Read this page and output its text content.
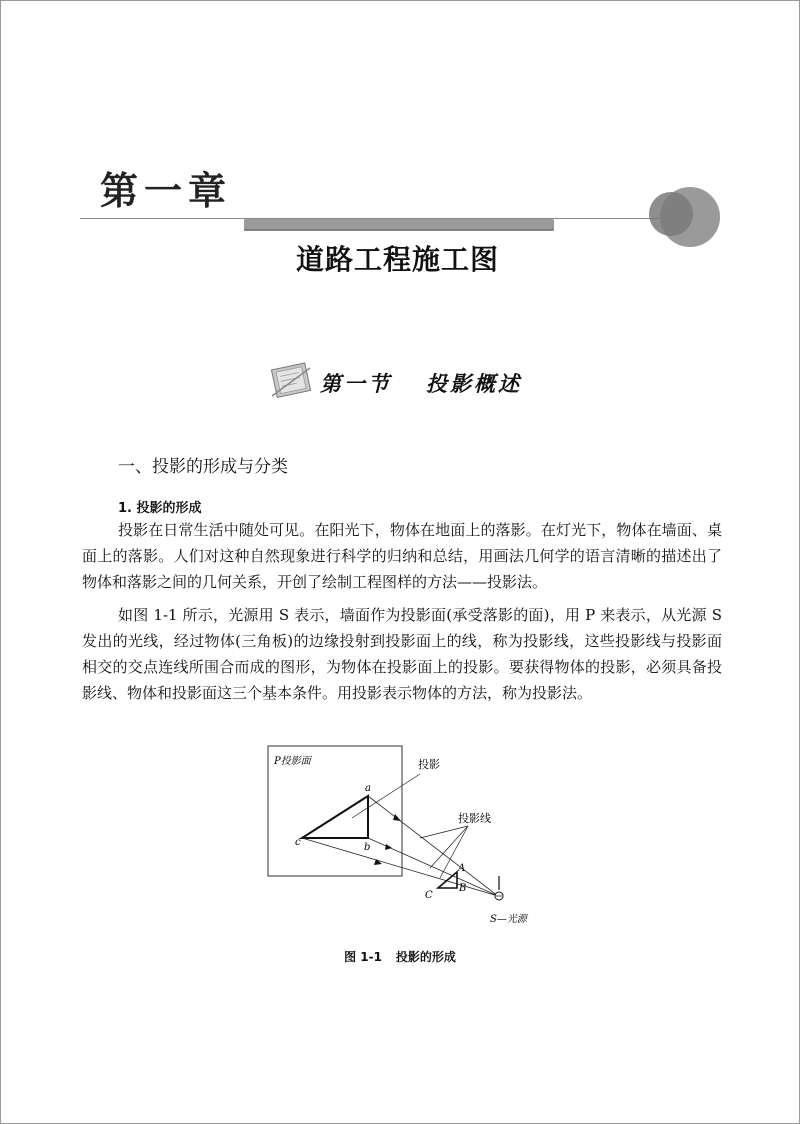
第一章
道路工程施工图
第一节 投影概述
一、投影的形成与分类
1. 投影的形成

投影在日常生活中随处可见。在阳光下，物体在地面上的落影。在灯光下，物体在墙面、桌面上的落影。人们对这种自然现象进行科学的归纳和总结，用画法几何学的语言清晰的描述出了物体和落影之间的几何关系，开创了绘制工程图样的方法——投影法。

如图 1-1 所示，光源用 S 表示，墙面作为投影面(承受落影的面)，用 P 来表示，从光源 S 发出的光线，经过物体(三角板)的边缘投射到投影面上的线，称为投影线，这些投影线与投影面相交的交点连线所围合而成的图形，为物体在投影面上的投影。要获得物体的投影，必须具备投影线、物体和投影面这三个基本条件。用投影表示物体的方法，称为投影法。

P投影面
a
b
c
A
B
C
投影
投影线
S—光源
图 1-1 投影的形成
